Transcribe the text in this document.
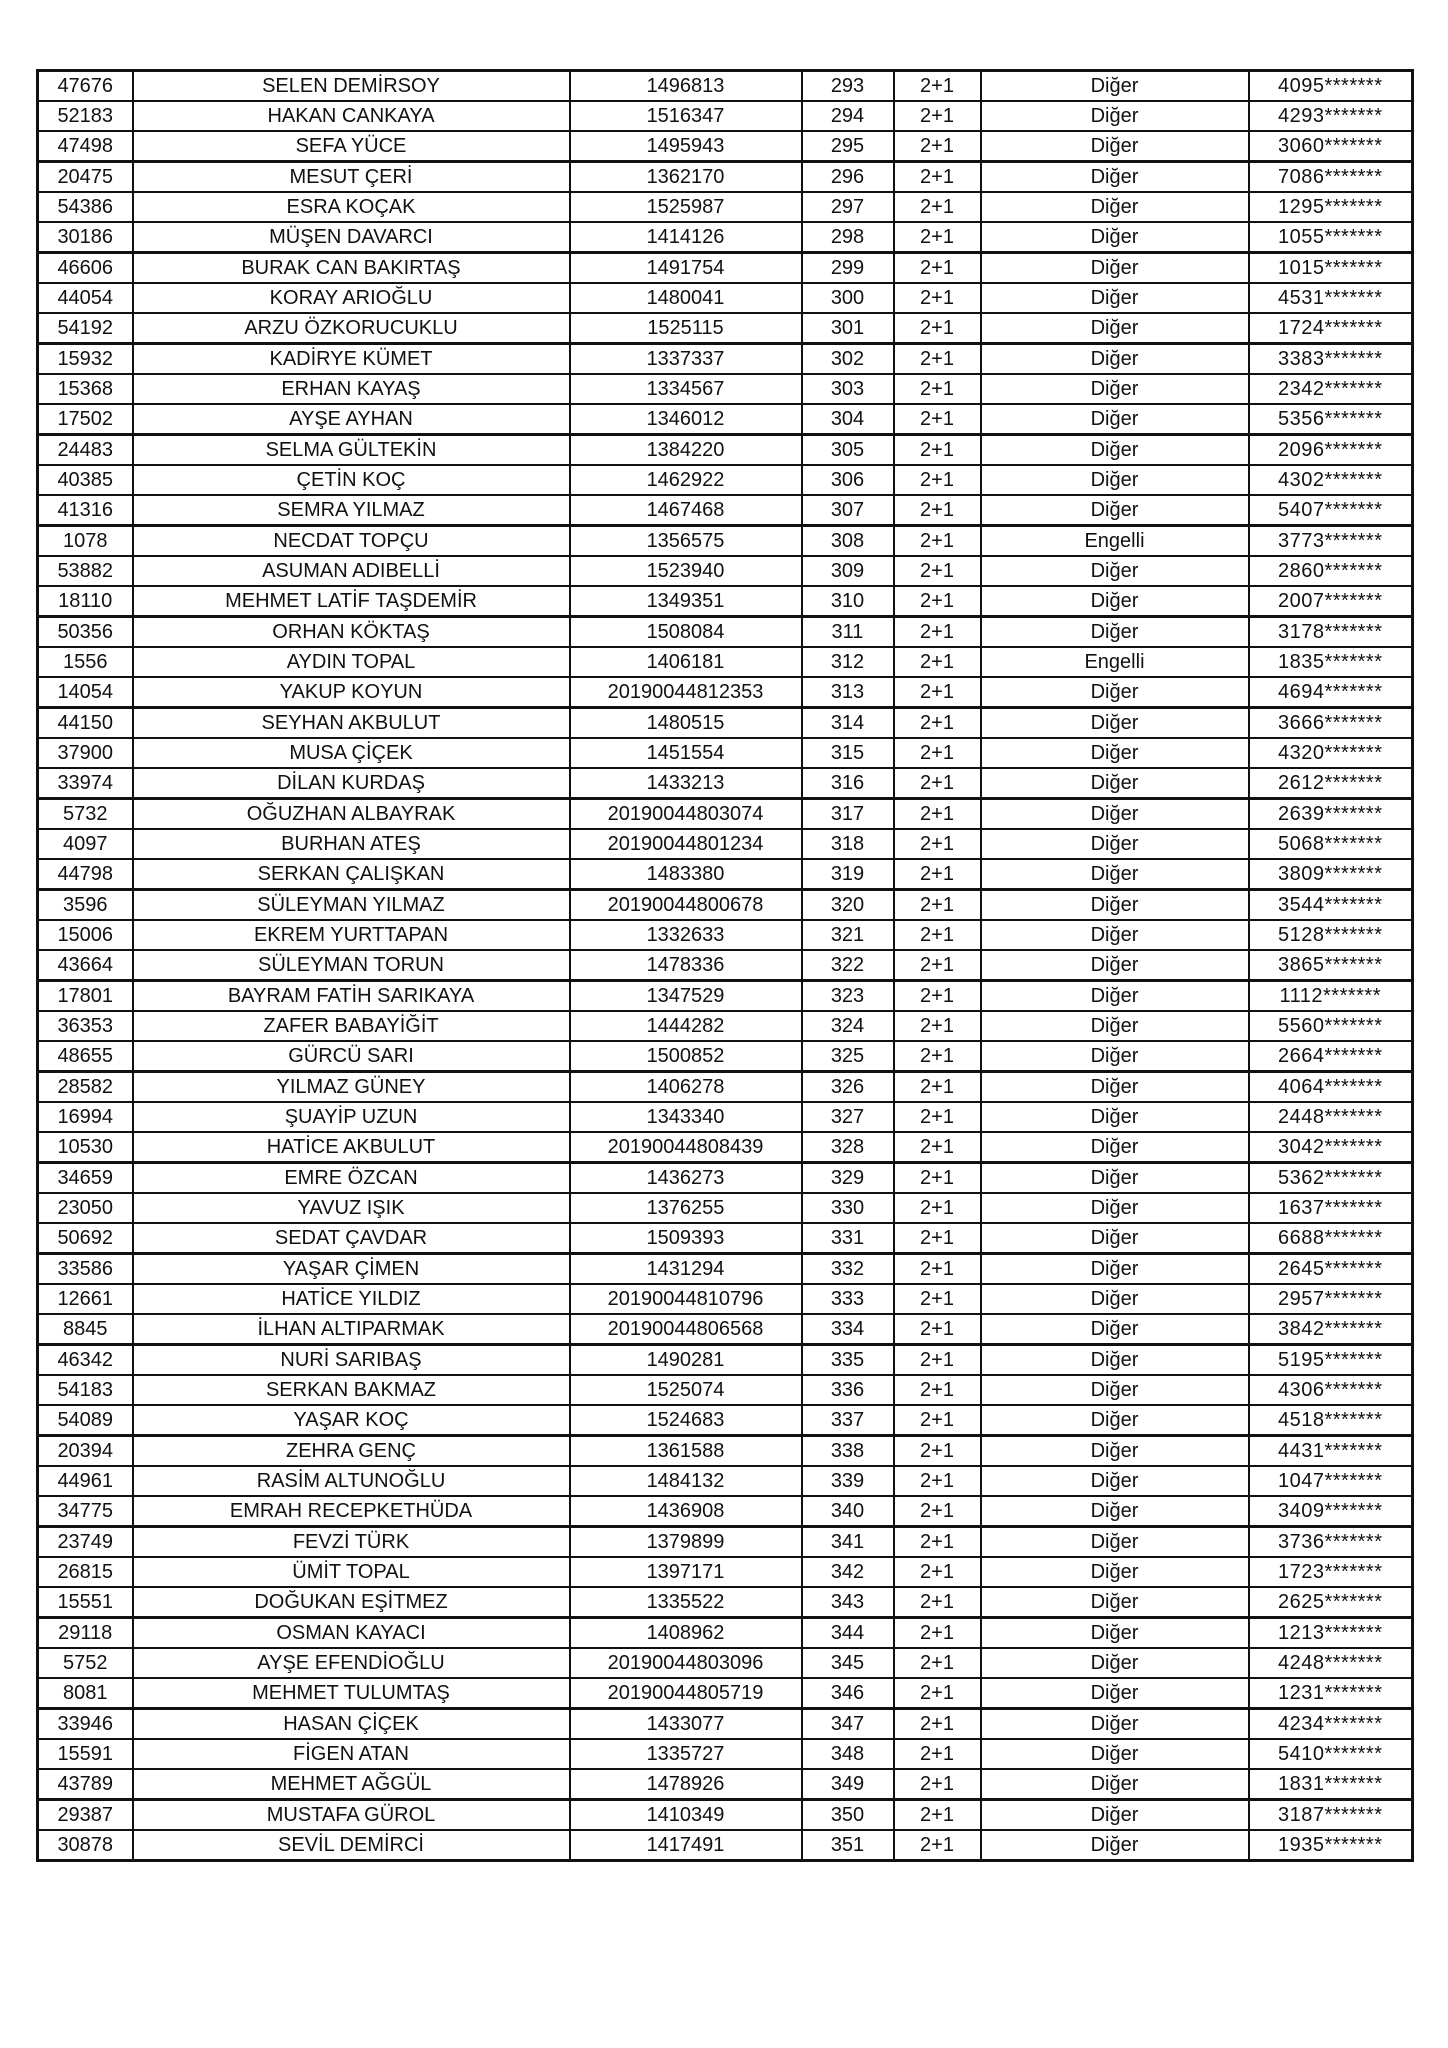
47676	SELEN DEMİRSOY	1496813	293	2+1	Diğer	4095*******
52183	HAKAN CANKAYA	1516347	294	2+1	Diğer	4293*******
47498	SEFA YÜCE	1495943	295	2+1	Diğer	3060*******
20475	MESUT ÇERİ	1362170	296	2+1	Diğer	7086*******
54386	ESRA KOÇAK	1525987	297	2+1	Diğer	1295*******
30186	MÜŞEN DAVARCI	1414126	298	2+1	Diğer	1055*******
46606	BURAK CAN BAKIRTAŞ	1491754	299	2+1	Diğer	1015*******
44054	KORAY ARIOĞLU	1480041	300	2+1	Diğer	4531*******
54192	ARZU ÖZKORUCUKLU	1525115	301	2+1	Diğer	1724*******
15932	KADİRYE KÜMET	1337337	302	2+1	Diğer	3383*******
15368	ERHAN KAYAŞ	1334567	303	2+1	Diğer	2342*******
17502	AYŞE AYHAN	1346012	304	2+1	Diğer	5356*******
24483	SELMA GÜLTEKİN	1384220	305	2+1	Diğer	2096*******
40385	ÇETİN KOÇ	1462922	306	2+1	Diğer	4302*******
41316	SEMRA YILMAZ	1467468	307	2+1	Diğer	5407*******
1078	NECDAT TOPÇU	1356575	308	2+1	Engelli	3773*******
53882	ASUMAN ADIBELLİ	1523940	309	2+1	Diğer	2860*******
18110	MEHMET LATİF TAŞDEMİR	1349351	310	2+1	Diğer	2007*******
50356	ORHAN KÖKTAŞ	1508084	311	2+1	Diğer	3178*******
1556	AYDIN TOPAL	1406181	312	2+1	Engelli	1835*******
14054	YAKUP KOYUN	20190044812353	313	2+1	Diğer	4694*******
44150	SEYHAN AKBULUT	1480515	314	2+1	Diğer	3666*******
37900	MUSA ÇİÇEK	1451554	315	2+1	Diğer	4320*******
33974	DİLAN KURDAŞ	1433213	316	2+1	Diğer	2612*******
5732	OĞUZHAN ALBAYRAK	20190044803074	317	2+1	Diğer	2639*******
4097	BURHAN ATEŞ	20190044801234	318	2+1	Diğer	5068*******
44798	SERKAN ÇALIŞKAN	1483380	319	2+1	Diğer	3809*******
3596	SÜLEYMAN YILMAZ	20190044800678	320	2+1	Diğer	3544*******
15006	EKREM YURTTAPAN	1332633	321	2+1	Diğer	5128*******
43664	SÜLEYMAN TORUN	1478336	322	2+1	Diğer	3865*******
17801	BAYRAM FATİH SARIKAYA	1347529	323	2+1	Diğer	1112*******
36353	ZAFER BABAYİĞİT	1444282	324	2+1	Diğer	5560*******
48655	GÜRCÜ SARI	1500852	325	2+1	Diğer	2664*******
28582	YILMAZ GÜNEY	1406278	326	2+1	Diğer	4064*******
16994	ŞUAYİP UZUN	1343340	327	2+1	Diğer	2448*******
10530	HATİCE AKBULUT	20190044808439	328	2+1	Diğer	3042*******
34659	EMRE ÖZCAN	1436273	329	2+1	Diğer	5362*******
23050	YAVUZ IŞIK	1376255	330	2+1	Diğer	1637*******
50692	SEDAT ÇAVDAR	1509393	331	2+1	Diğer	6688*******
33586	YAŞAR ÇİMEN	1431294	332	2+1	Diğer	2645*******
12661	HATİCE YILDIZ	20190044810796	333	2+1	Diğer	2957*******
8845	İLHAN ALTIPARMAK	20190044806568	334	2+1	Diğer	3842*******
46342	NURİ SARIBAŞ	1490281	335	2+1	Diğer	5195*******
54183	SERKAN BAKMAZ	1525074	336	2+1	Diğer	4306*******
54089	YAŞAR KOÇ	1524683	337	2+1	Diğer	4518*******
20394	ZEHRA GENÇ	1361588	338	2+1	Diğer	4431*******
44961	RASİM ALTUNOĞLU	1484132	339	2+1	Diğer	1047*******
34775	EMRAH RECEPKETHÜDA	1436908	340	2+1	Diğer	3409*******
23749	FEVZİ TÜRK	1379899	341	2+1	Diğer	3736*******
26815	ÜMİT TOPAL	1397171	342	2+1	Diğer	1723*******
15551	DOĞUKAN EŞİTMEZ	1335522	343	2+1	Diğer	2625*******
29118	OSMAN KAYACI	1408962	344	2+1	Diğer	1213*******
5752	AYŞE EFENDİOĞLU	20190044803096	345	2+1	Diğer	4248*******
8081	MEHMET TULUMTAŞ	20190044805719	346	2+1	Diğer	1231*******
33946	HASAN ÇİÇEK	1433077	347	2+1	Diğer	4234*******
15591	FİGEN ATAN	1335727	348	2+1	Diğer	5410*******
43789	MEHMET AĞGÜL	1478926	349	2+1	Diğer	1831*******
29387	MUSTAFA GÜROL	1410349	350	2+1	Diğer	3187*******
30878	SEVİL DEMİRCİ	1417491	351	2+1	Diğer	1935*******
